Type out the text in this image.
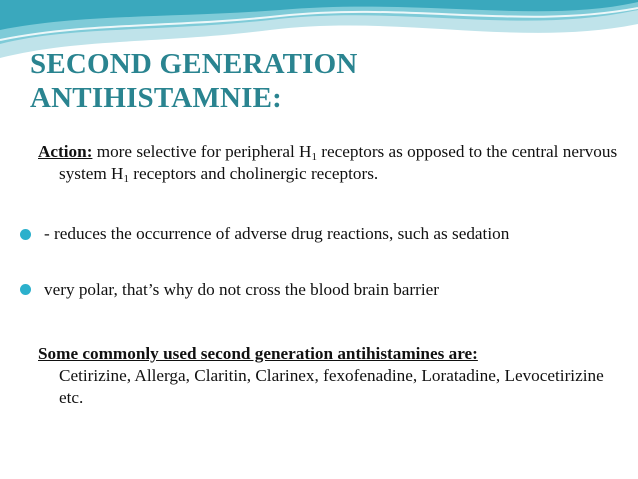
SECOND GENERATION
ANTIHISTAMNIE:

Action: more selective for peripheral $H_1$ receptors as opposed to the central nervous system $H_1$ receptors and cholinergic receptors.

- reduces the occurrence of adverse drug reactions, such as sedation

very polar, that’s why do not cross the blood brain barrier

Some commonly used second generation antihistamines are:
Cetirizine, Allerga, Claritin, Clarinex, fexofenadine, Loratadine, Levocetirizine etc.
